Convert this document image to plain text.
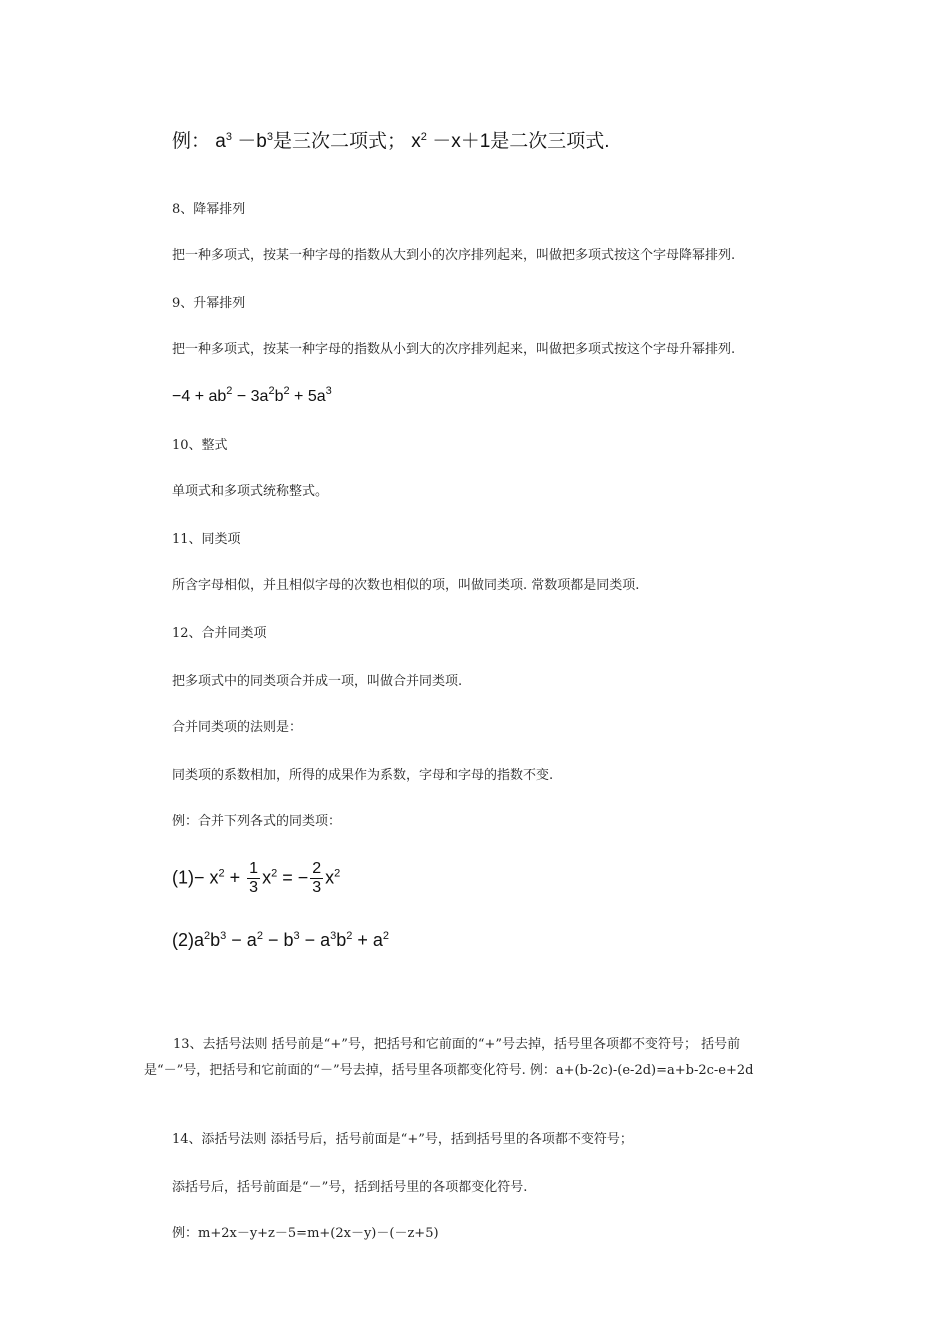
例： $a^3 -b^3$是三次二项式； $x^2 -x+1$是二次三项式.
8、降幂排列
把一种多项式，按某一种字母的指数从大到小的次序排列起来，叫做把多项式按这个字母降幂排列.
9、升幂排列
把一种多项式，按某一种字母的指数从小到大的次序排列起来，叫做把多项式按这个字母升幂排列.
$-4 + ab^2 - 3a^2b^2 + 5a^3$
10、整式
单项式和多项式统称整式。
11、同类项
所含字母相似，并且相似字母的次数也相似的项，叫做同类项. 常数项都是同类项.
12、合并同类项
把多项式中的同类项合并成一项，叫做合并同类项.
合并同类项的法则是：
同类项的系数相加，所得的成果作为系数，字母和字母的指数不变.
例：合并下列各式的同类项：
$(1)- x^2 + \frac{1}{3} x^2$ = − $\frac{2}{3} x^2$
$(2)a^2b^3 - a^2 - b^3 - a^3b^2 + a^2$
13、去括号法则 括号前是“+”号，把括号和它前面的“+”号去掉，括号里各项都不变符号； 括号前是“－”号，把括号和它前面的“－”号去掉，括号里各项都变化符号. 例：a+(b-2c)-(e-2d)=a+b-2c-e+2d
14、添括号法则 添括号后，括号前面是“+”号，括到括号里的各项都不变符号；
添括号后，括号前面是“－”号，括到括号里的各项都变化符号.
例：m+2x－y+z－5=m+(2x－y)－(－z+5)
